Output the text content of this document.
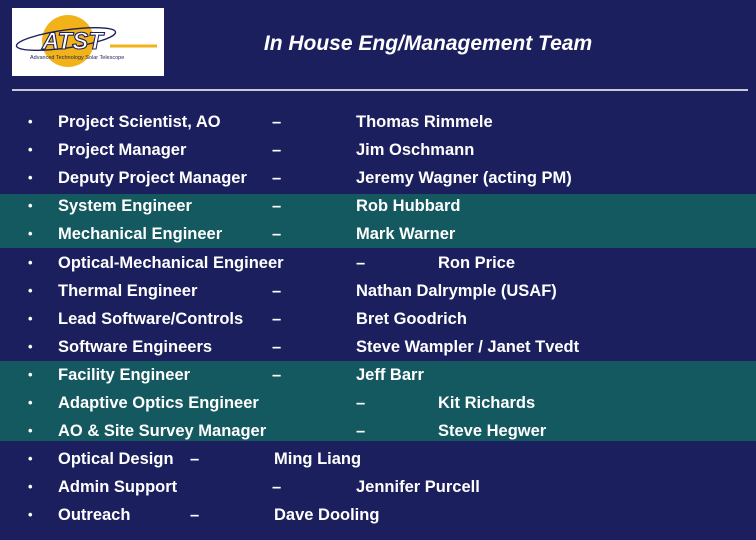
ATST
Advanced Technology Solar Telescope
In House Eng/Management Team
• Project Scientist, AO	–	Thomas Rimmele
• Project Manager	–	Jim Oschmann
• Deputy Project Manager –	Jeremy Wagner (acting PM)
• System Engineer	–	Rob Hubbard
• Mechanical Engineer	–	Mark Warner
• Optical-Mechanical Engineer	–	Ron Price
• Thermal Engineer	–	Nathan Dalrymple (USAF)
• Lead Software/Controls –	Bret Goodrich
• Software Engineers	–	Steve Wampler / Janet Tvedt
• Facility Engineer	–	Jeff Barr
• Adaptive Optics Engineer	–	Kit Richards
• AO & Site Survey Manager	–	Steve Hegwer
• Optical Design –	Ming Liang
• Admin Support	–	Jennifer Purcell
• Outreach	–	Dave Dooling
